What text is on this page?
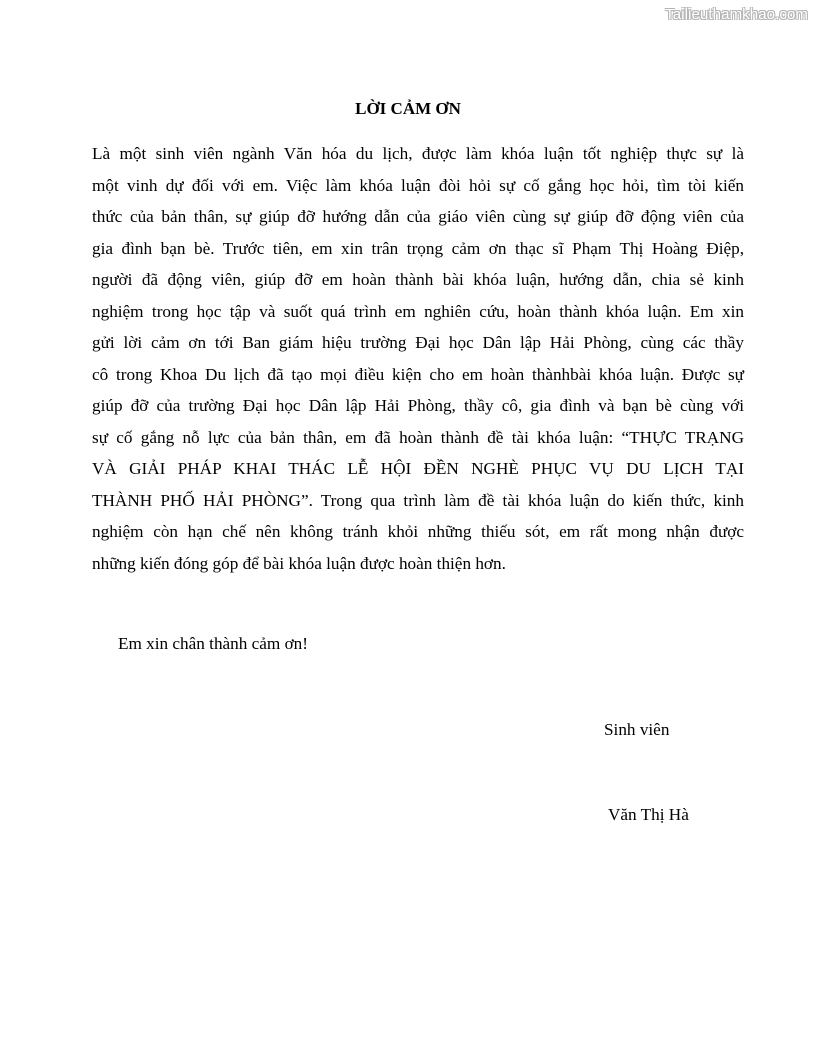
Tailieuthamkhao.com
LỜI CẢM ƠN
Là một sinh viên ngành Văn hóa du lịch, được làm khóa luận tốt nghiệp thực sự là
một vinh dự đối với em. Việc làm khóa luận đòi hỏi sự cố gắng học hỏi, tìm tòi kiến
thức của bản thân, sự giúp đỡ hướng dẫn của giáo viên cùng sự giúp đỡ động viên của
gia đình bạn bè. Trước tiên, em xin trân trọng cảm ơn thạc sĩ Phạm Thị Hoàng Điệp,
người đã động viên, giúp đỡ em hoàn thành bài khóa luận, hướng dẫn, chia sẻ kinh
nghiệm trong học tập và suốt quá trình em nghiên cứu, hoàn thành khóa luận. Em xin
gửi lời cảm ơn tới Ban giám hiệu trường Đại học Dân lập Hải Phòng, cùng các thầy
cô trong Khoa Du lịch đã tạo mọi điều kiện cho em hoàn thànhbài khóa luận. Được sự
giúp đỡ của trường Đại học Dân lập Hải Phòng, thầy cô, gia đình và bạn bè cùng với
sự cố gắng nỗ lực của bản thân, em đã hoàn thành đề tài khóa luận: “THỰC TRẠNG
VÀ GIẢI PHÁP KHAI THÁC LỄ HỘI ĐỀN NGHÈ PHỤC VỤ DU LỊCH TẠI
THÀNH PHỐ HẢI PHÒNG”. Trong qua trình làm đề tài khóa luận do kiến thức, kinh
nghiệm còn hạn chế nên không tránh khỏi những thiếu sót, em rất mong nhận được
những kiến đóng góp để bài khóa luận được hoàn thiện hơn.
Em xin chân thành cảm ơn!
Sinh viên
Văn Thị Hà
